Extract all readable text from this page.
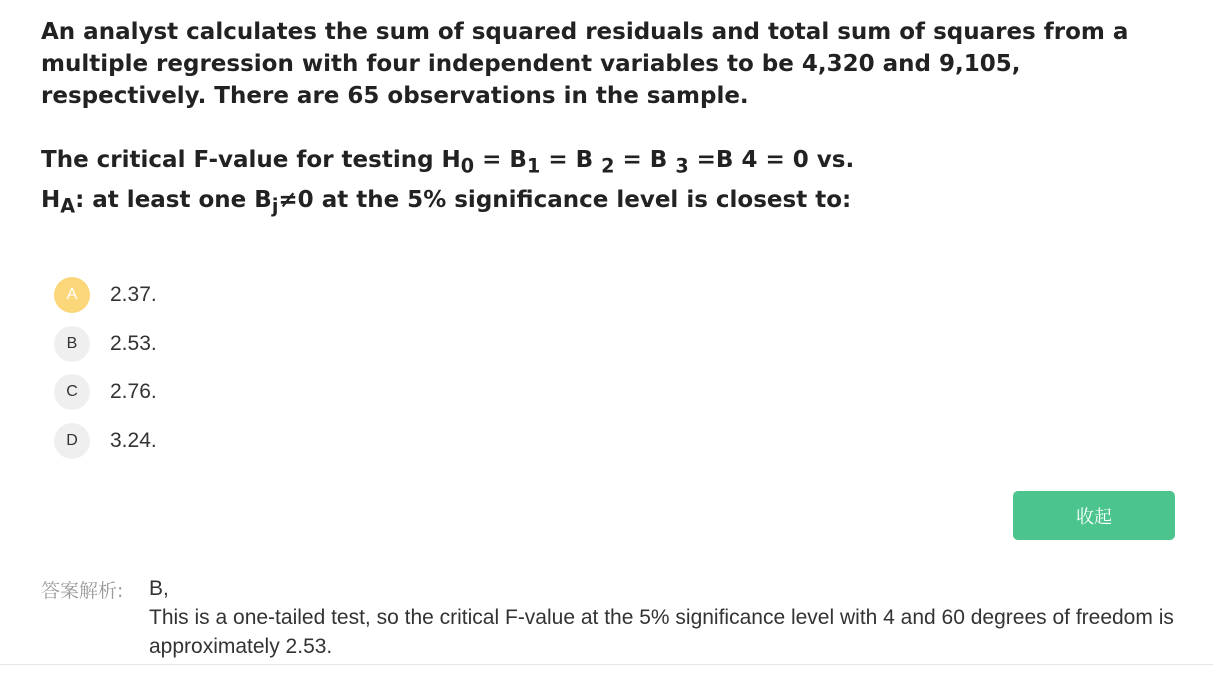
An analyst calculates the sum of squared residuals and total sum of squares from a multiple regression with four independent variables to be 4,320 and 9,105, respectively. There are 65 observations in the sample.

The critical F-value for testing $H_0 = B_1 = B$ $_2$ = B $_3$ =B 4 = 0 vs.
$H_A$: at least one $B_j\ne 0$ at the 5% significance level is closest to:
A	2.37.
B	2.53.
C	2.76.
D	3.24.
收起
答案解析: B,
This is a one-tailed test, so the critical F-value at the 5% significance level with 4 and 60 degrees of freedom is approximately 2.53.
